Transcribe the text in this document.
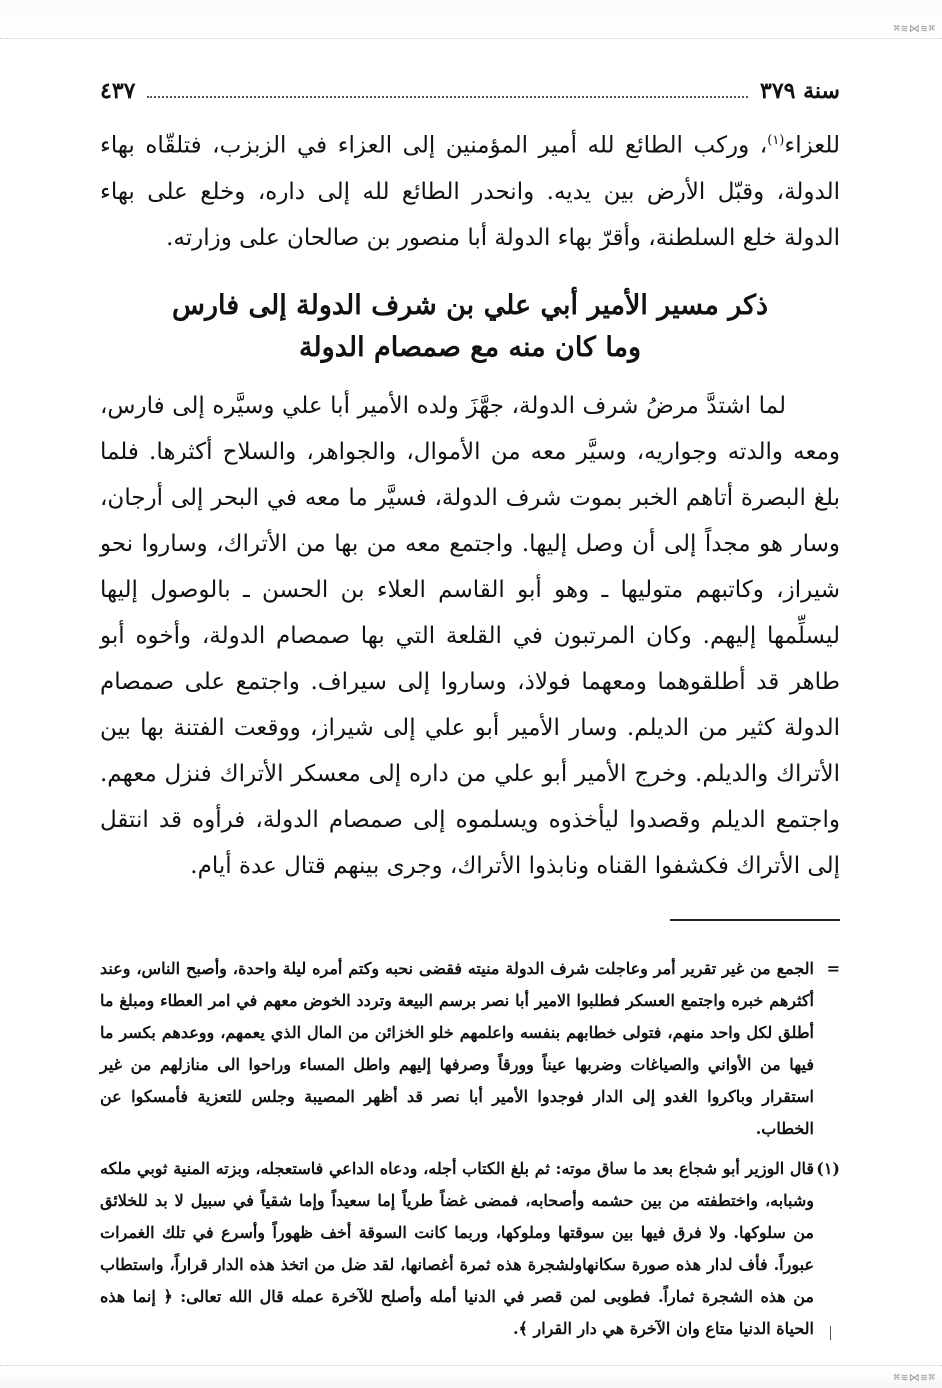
⌘≋⋈≋⌘
سنة ٣٧٩
٤٣٧

للعزاء$^{(١)}$، وركب الطائع لله أمير المؤمنين إلى العزاء في الزبزب، فتلقّاه بهاء الدولة، وقبّل الأرض بين يديه. وانحدر الطائع لله إلى داره، وخلع على بهاء الدولة خلع السلطنة، وأقرّ بهاء الدولة أبا منصور بن صالحان على وزارته.

ذكر مسير الأمير أبي علي بن شرف الدولة إلى فارس
وما كان منه مع صمصام الدولة

لما اشتدَّ مرضُ شرف الدولة، جهَّزَ ولده الأمير أبا علي وسيَّره إلى فارس، ومعه والدته وجواريه، وسيَّر معه من الأموال، والجواهر، والسلاح أكثرها. فلما بلغ البصرة أتاهم الخبر بموت شرف الدولة، فسيَّر ما معه في البحر إلى أرجان، وسار هو مجداً إلى أن وصل إليها. واجتمع معه من بها من الأتراك، وساروا نحو شيراز، وكاتبهم متوليها ـ وهو أبو القاسم العلاء بن الحسن ـ بالوصول إليها ليسلِّمها إليهم. وكان المرتبون في القلعة التي بها صمصام الدولة، وأخوه أبو طاهر قد أطلقوهما ومعهما فولاذ، وساروا إلى سيراف. واجتمع على صمصام الدولة كثير من الديلم. وسار الأمير أبو علي إلى شيراز، ووقعت الفتنة بها بين الأتراك والديلم. وخرج الأمير أبو علي من داره إلى معسكر الأتراك فنزل معهم. واجتمع الديلم وقصدوا ليأخذوه ويسلموه إلى صمصام الدولة، فرأوه قد انتقل إلى الأتراك فكشفوا القناه ونابذوا الأتراك، وجرى بينهم قتال عدة أيام.

=
الجمع من غير تقرير أمر وعاجلت شرف الدولة منيته فقضى نحبه وكتم أمره ليلة واحدة، وأصبح الناس، وعند أكثرهم خبره واجتمع العسكر فطلبوا الامير أبا نصر برسم البيعة وتردد الخوض معهم في امر العطاء ومبلغ ما أطلق لكل واحد منهم، فتولى خطابهم بنفسه واعلمهم خلو الخزائن من المال الذي يعمهم، ووعدهم بكسر ما فيها من الأواني والصياغات وضربها عيناً وورقاً وصرفها إليهم واطل المساء وراحوا الى منازلهم من غير استقرار وباكروا الغدو إلى الدار فوجدوا الأمير أبا نصر قد أظهر المصيبة وجلس للتعزية فأمسكوا عن الخطاب.
(١)
قال الوزير أبو شجاع بعد ما ساق موته: ثم بلغ الكتاب أجله، ودعاه الداعي فاستعجله، وبزته المنية ثوبي ملكه وشبابه، واختطفته من بين حشمه وأصحابه، فمضى غضاً طرياً إما سعيداً وإما شقياً في سبيل لا بد للخلائق من سلوكها. ولا فرق فيها بين سوقتها وملوكها، وربما كانت السوقة أخف ظهوراً وأسرع في تلك الغمرات عبوراً. فأف لدار هذه صورة سكانهاولشجرة هذه ثمرة أغصانها، لقد ضل من اتخذ هذه الدار قراراً، واستطاب من هذه الشجرة ثماراً. فطوبى لمن قصر في الدنيا أمله وأصلح للآخرة عمله قال الله تعالى: ﴿ إنما هذه الحياة الدنيا متاع وان الآخرة هي دار القرار ﴾.
⌘≋⋈≋⌘
